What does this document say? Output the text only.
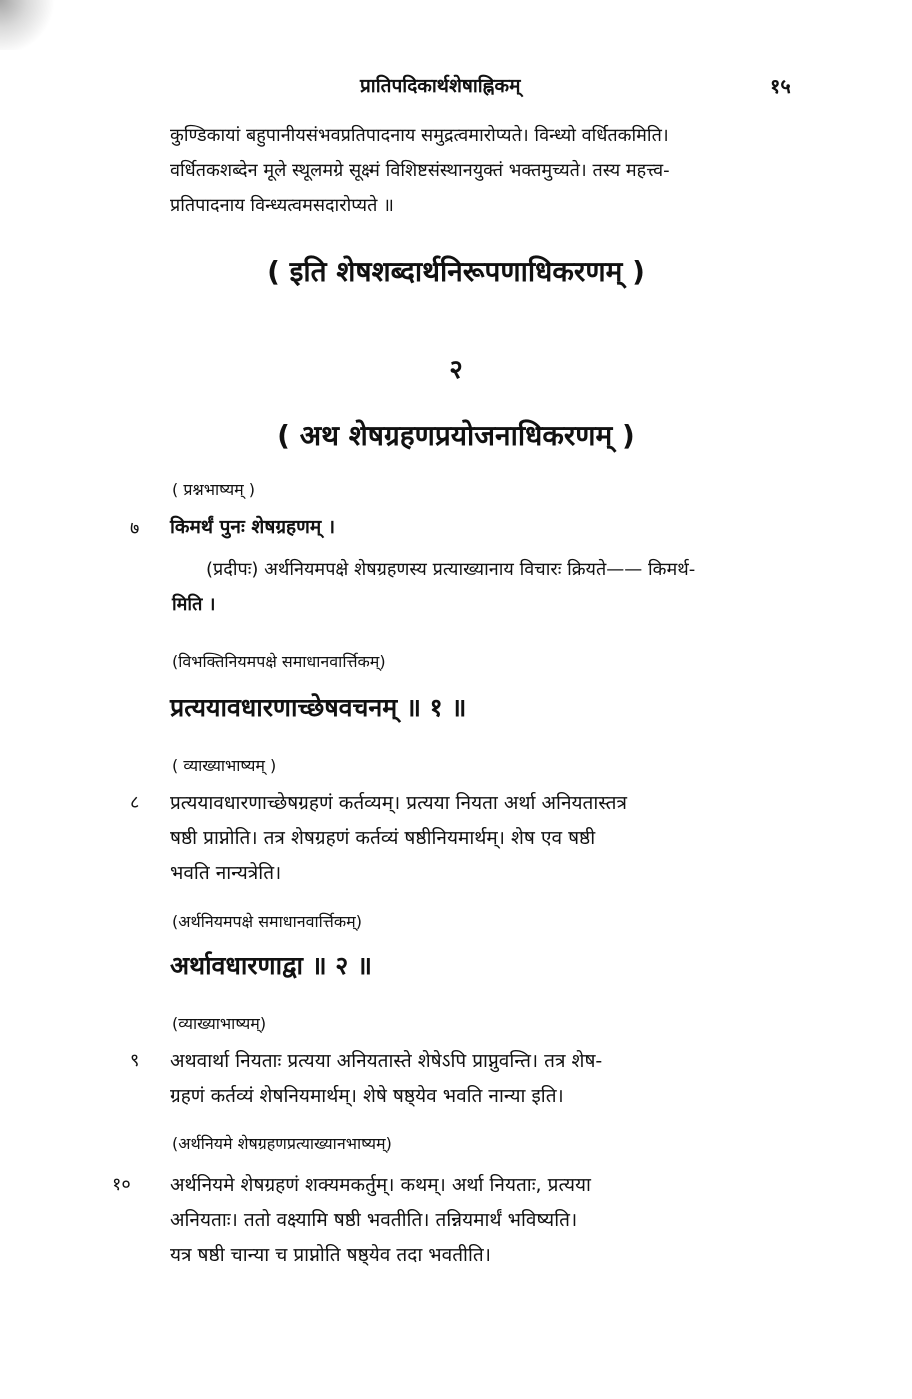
प्रातिपदिकार्थशेषाह्निकम्	१५
कुण्डिकायां बहुपानीयसंभवप्रतिपादनाय समुद्रत्वमारोप्यते। विन्ध्यो वर्धितकमिति।
वर्धितकशब्देन मूले स्थूलमग्रे सूक्ष्मं विशिष्टसंस्थानयुक्तं भक्तमुच्यते। तस्य महत्त्व-
प्रतिपादनाय विन्ध्यत्वमसदारोप्यते ॥
( इति शेषशब्दार्थनिरूपणाधिकरणम् )
२
( अथ शेषग्रहणप्रयोजनाधिकरणम् )
( प्रश्नभाष्यम् )
७ किमर्थं पुनः शेषग्रहणम् ।
(प्रदीपः) अर्थनियमपक्षे शेषग्रहणस्य प्रत्याख्यानाय विचारः क्रियते—— किमर्थ-
मिति ।
(विभक्तिनियमपक्षे समाधानवार्त्तिकम्)
प्रत्ययावधारणाच्छेषवचनम् ॥ १ ॥
( व्याख्याभाष्यम् )
८ प्रत्ययावधारणाच्छेषग्रहणं कर्तव्यम्। प्रत्यया नियता अर्था अनियतास्तत्र
षष्ठी प्राप्नोति। तत्र शेषग्रहणं कर्तव्यं षष्ठीनियमार्थम्। शेष एव षष्ठी
भवति नान्यत्रेति।
(अर्थनियमपक्षे समाधानवार्त्तिकम्)
अर्थावधारणाद्वा ॥ २ ॥
(व्याख्याभाष्यम्)
९ अथवार्था नियताः प्रत्यया अनियतास्ते शेषेऽपि प्राप्नुवन्ति। तत्र शेष-
ग्रहणं कर्तव्यं शेषनियमार्थम्। शेषे षष्ठ्येव भवति नान्या इति।
(अर्थनियमे शेषग्रहणप्रत्याख्यानभाष्यम्)
१० अर्थनियमे शेषग्रहणं शक्यमकर्तुम्। कथम्। अर्था नियताः, प्रत्यया
अनियताः। ततो वक्ष्यामि षष्ठी भवतीति। तन्नियमार्थं भविष्यति।
यत्र षष्ठी चान्या च प्राप्नोति षष्ठ्येव तदा भवतीति।
